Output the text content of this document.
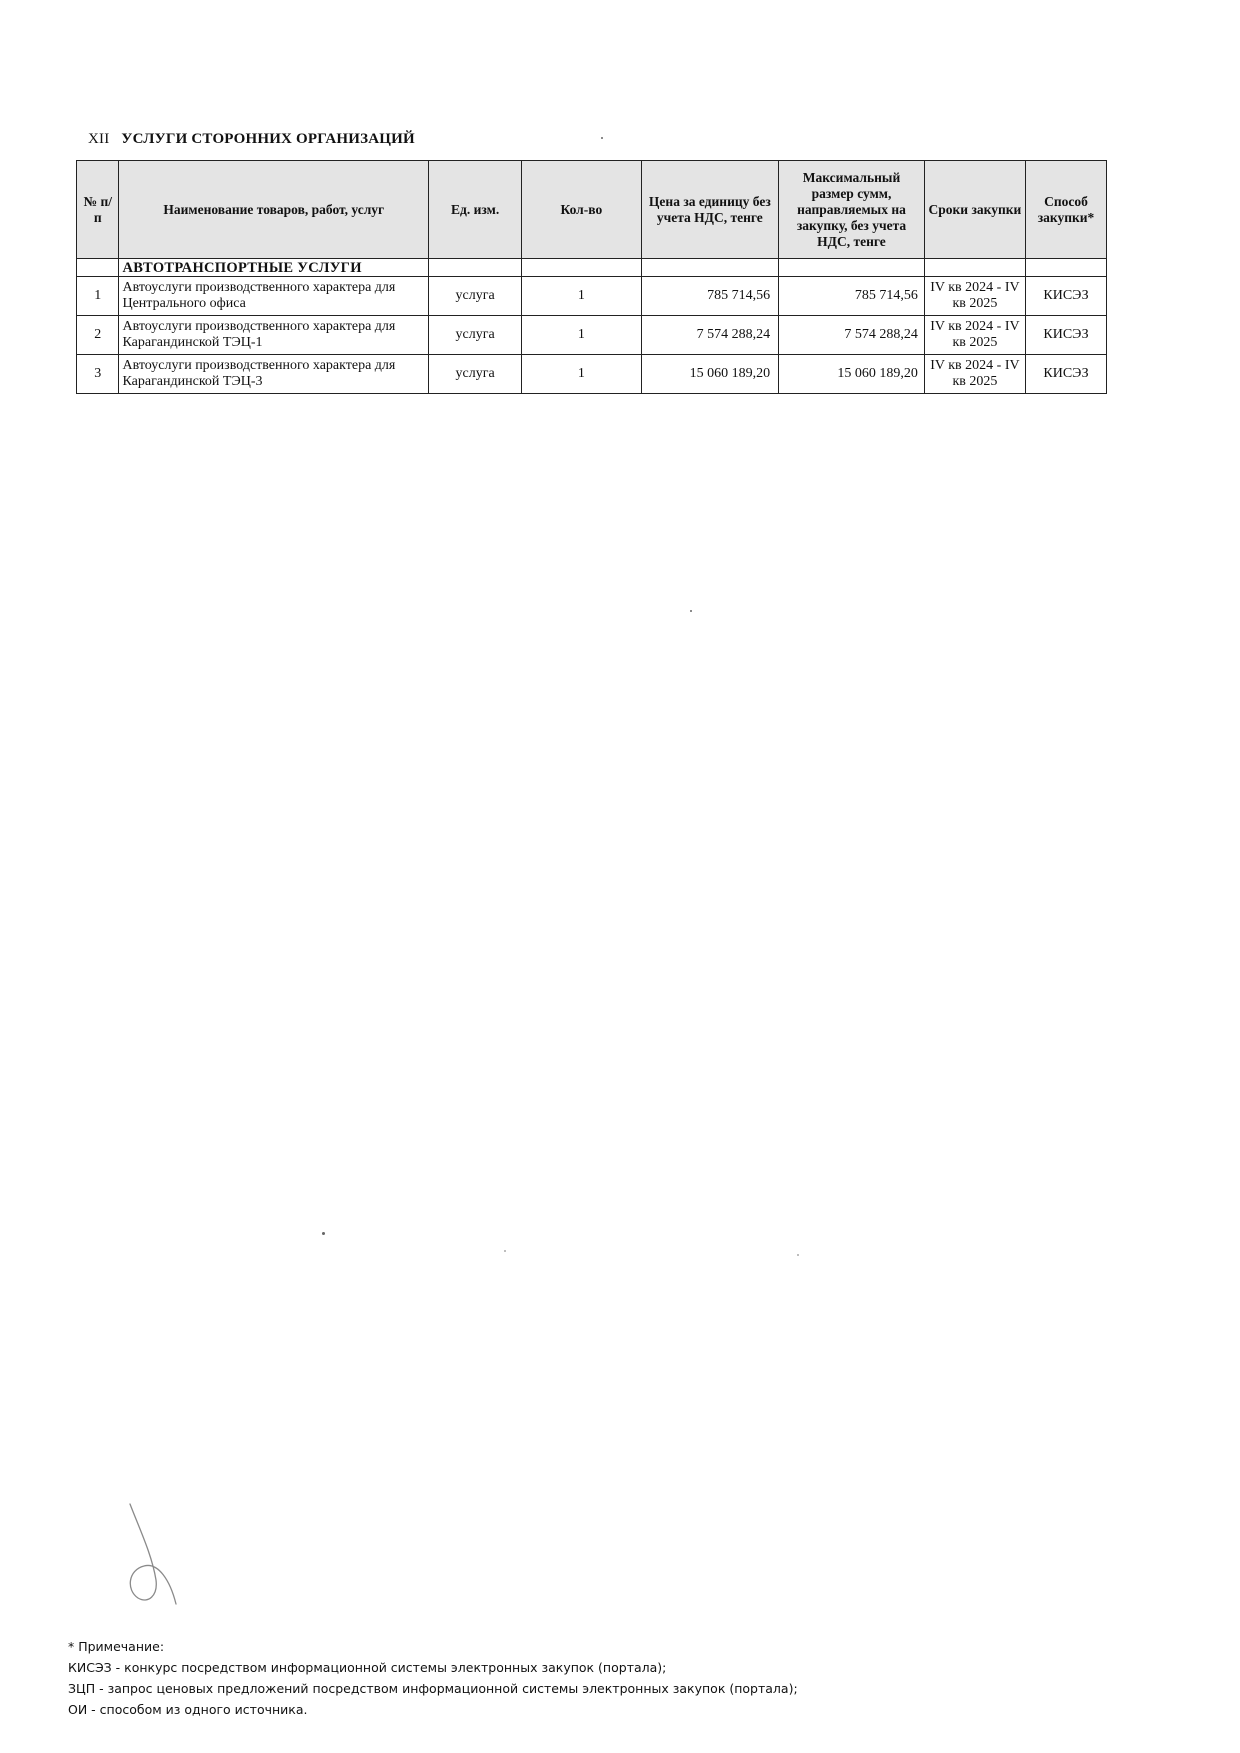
XII УСЛУГИ СТОРОННИХ ОРГАНИЗАЦИЙ
№ п/п	Наименование товаров, работ, услуг	Ед. изм.	Кол-во	Цена за единицу без учета НДС, тенге	Максимальный размер сумм, направляемых на закупку, без учета НДС, тенге	Сроки закупки	Способ закупки*
	АВТОТРАНСПОРТНЫЕ УСЛУГИ						
1	Автоуслуги производственного характера для Центрального офиса	услуга	1	785 714,56	785 714,56	IV кв 2024 - IV кв 2025	КИСЭЗ
2	Автоуслуги производственного характера для Карагандинской ТЭЦ-1	услуга	1	7 574 288,24	7 574 288,24	IV кв 2024 - IV кв 2025	КИСЭЗ
3	Автоуслуги производственного характера для Карагандинской ТЭЦ-3	услуга	1	15 060 189,20	15 060 189,20	IV кв 2024 - IV кв 2025	КИСЭЗ
* Примечание:
КИСЭЗ - конкурс посредством информационной системы электронных закупок (портала);
ЗЦП - запрос ценовых предложений посредством информационной системы электронных закупок (портала);
ОИ - способом из одного источника.
